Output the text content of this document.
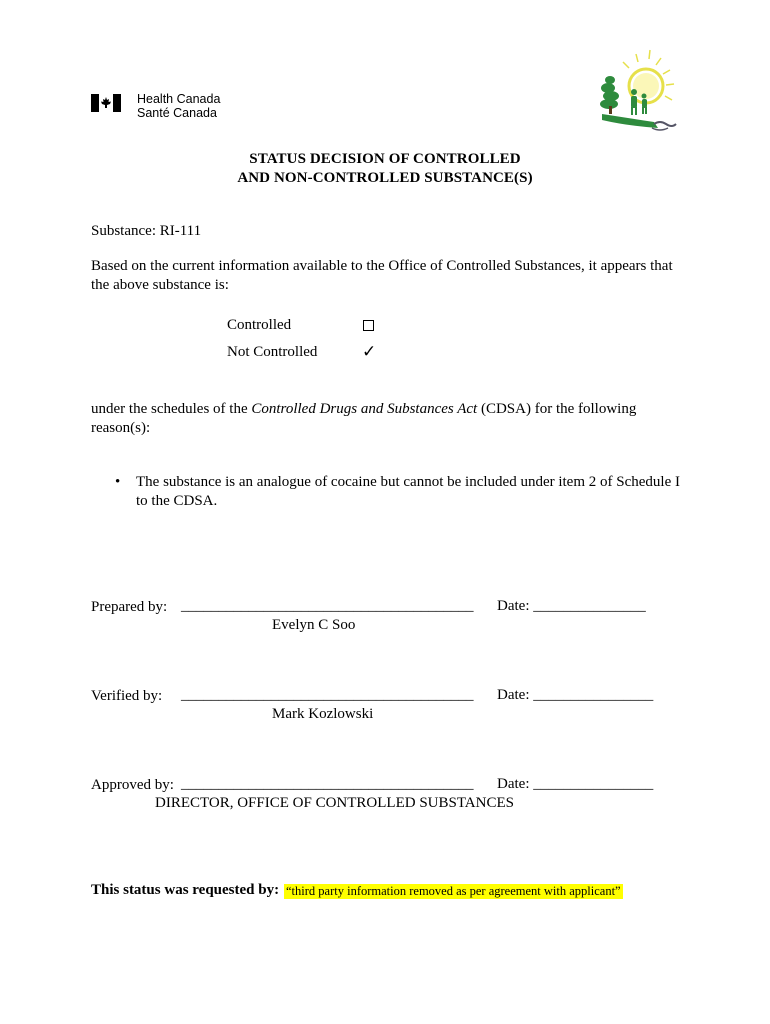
Health Canada
Santé Canada
STATUS DECISION OF CONTROLLED
AND NON-CONTROLLED SUBSTANCE(S)
Substance: RI-111
Based on the current information available to the Office of Controlled Substances, it appears that the above substance is:
Controlled
Not Controlled	✓
under the schedules of the Controlled Drugs and Substances Act (CDSA) for the following reason(s):
• The substance is an analogue of cocaine but cannot be included under item 2 of Schedule I to the CDSA.
Prepared by: _______________________________________
Evelyn C Soo
Date: _______________
Verified by: _______________________________________
Mark Kozlowski
Date: ________________
Approved by: _______________________________________
DIRECTOR, OFFICE OF CONTROLLED SUBSTANCES
Date: ________________
This status was requested by: “third party information removed as per agreement with applicant”
